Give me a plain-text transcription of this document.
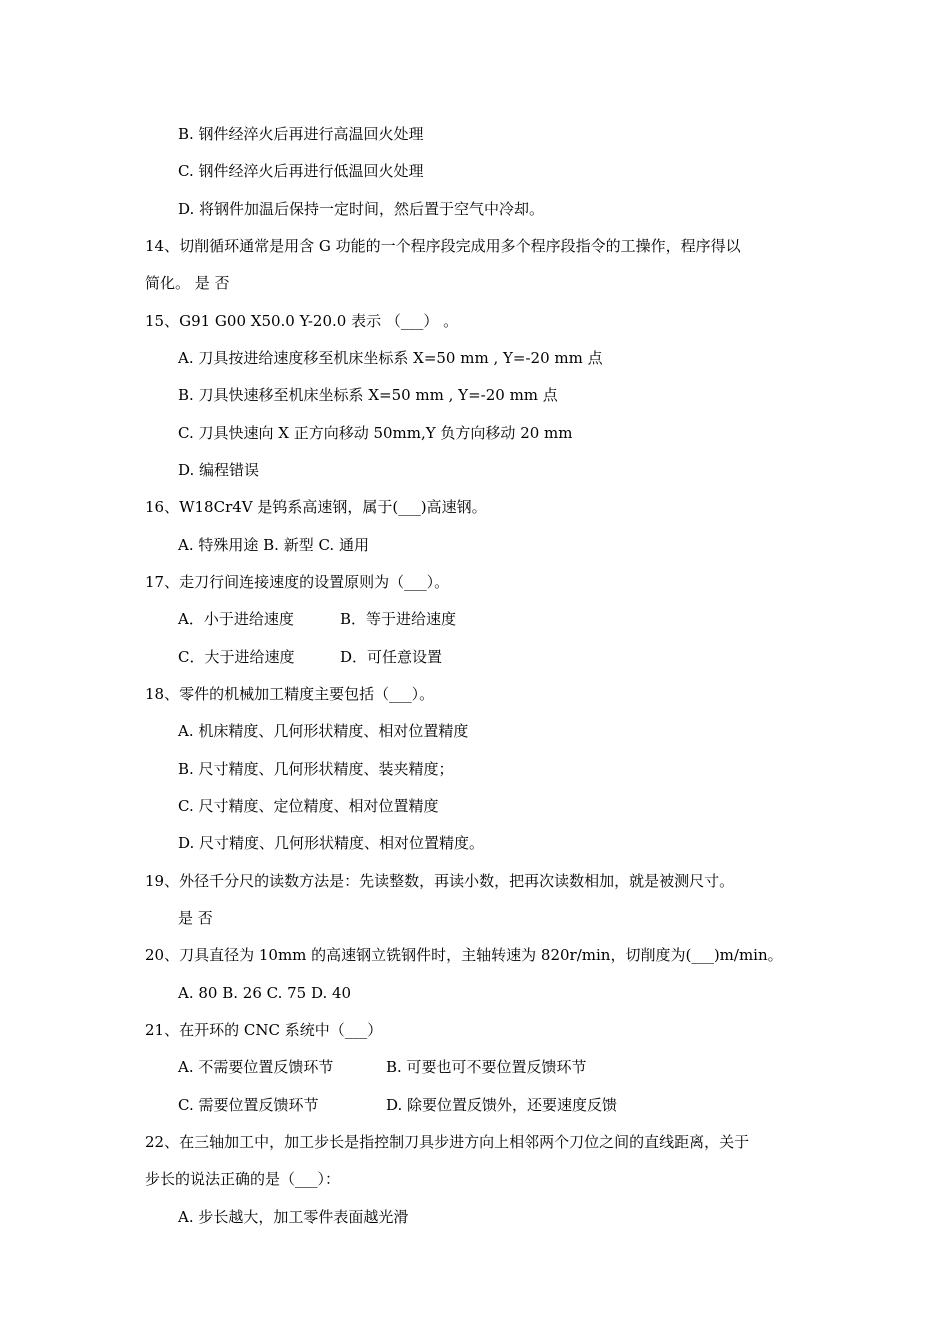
B. 钢件经淬火后再进行高温回火处理

C. 钢件经淬火后再进行低温回火处理

D. 将钢件加温后保持一定时间，然后置于空气中冷却。

14、切削循环通常是用含 G 功能的一个程序段完成用多个程序段指令的工操作，程序得以

简化。 是 否

15、G91 G00 X50.0 Y-20.0 表示 （___） 。

A. 刀具按进给速度移至机床坐标系 X=50 mm , Y=-20 mm 点

B. 刀具快速移至机床坐标系 X=50 mm , Y=-20 mm 点

C. 刀具快速向 X 正方向移动 50mm,Y 负方向移动 20 mm

D. 编程错误

16、W18Cr4V 是钨系高速钢，属于(___)高速钢。

A. 特殊用途 B. 新型 C. 通用

17、走刀行间连接速度的设置原则为（___）。

A．小于进给速度	B．等于进给速度

C．大于进给速度	D．可任意设置

18、零件的机械加工精度主要包括（___）。

A. 机床精度、几何形状精度、相对位置精度

B. 尺寸精度、几何形状精度、装夹精度；

C. 尺寸精度、定位精度、相对位置精度

D. 尺寸精度、几何形状精度、相对位置精度。

19、外径千分尺的读数方法是：先读整数，再读小数，把再次读数相加，就是被测尺寸。

是 否

20、刀具直径为 10mm 的高速钢立铣钢件时，主轴转速为 820r/min，切削度为(___)m/min。

A. 80 B. 26 C. 75 D. 40

21、在开环的 CNC 系统中（___）

A. 不需要位置反馈环节	B. 可要也可不要位置反馈环节

C. 需要位置反馈环节	D. 除要位置反馈外，还要速度反馈

22、在三轴加工中，加工步长是指控制刀具步进方向上相邻两个刀位之间的直线距离，关于

步长的说法正确的是（___）：

A. 步长越大，加工零件表面越光滑
